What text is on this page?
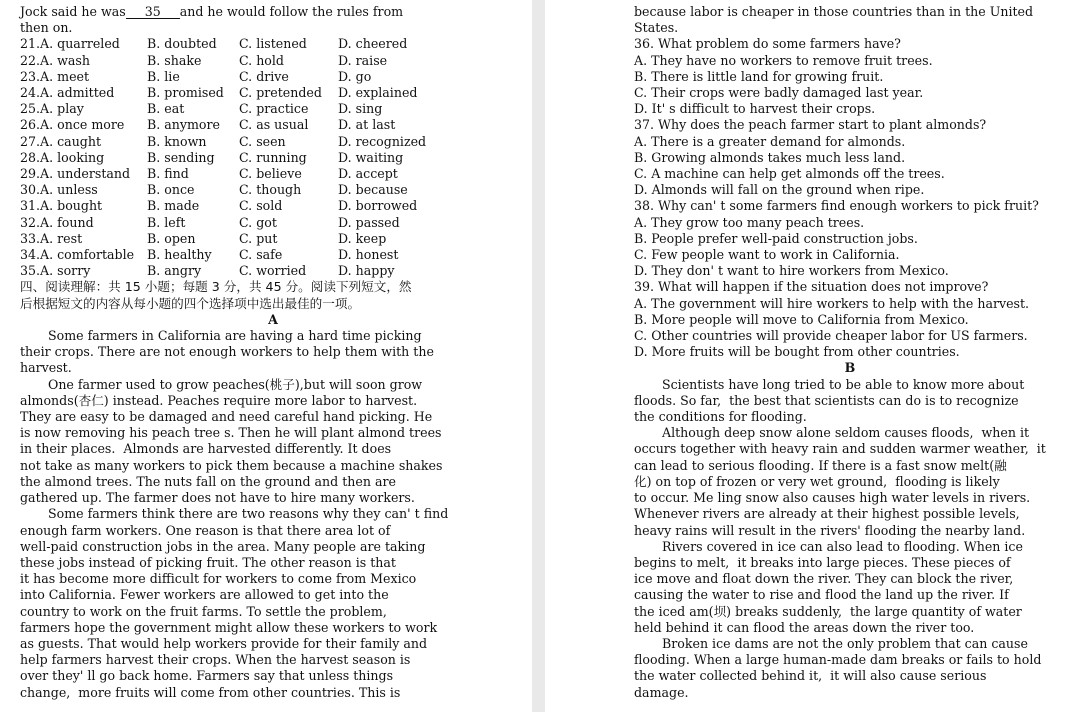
Jock said he was 35 and he would follow the rules from
then on.
21.A. quarreled	B. doubted	C. listened	D. cheered
22.A. wash	B. shake	C. hold	D. raise
23.A. meet	B. lie	C. drive	D. go
24.A. admitted	B. promised	C. pretended	D. explained
25.A. play	B. eat	C. practice	D. sing
26.A. once more	B. anymore	C. as usual	D. at last
27.A. caught	B. known	C. seen	D. recognized
28.A. looking	B. sending	C. running	D. waiting
29.A. understand	B. find	C. believe	D. accept
30.A. unless	B. once	C. though	D. because
31.A. bought	B. made	C. sold	D. borrowed
32.A. found	B. left	C. got	D. passed
33.A. rest	B. open	C. put	D. keep
34.A. comfortable	B. healthy	C. safe	D. honest
35.A. sorry	B. angry	C. worried	D. happy
四、阅读理解：共 15 小题；每题 3 分，共 45 分。阅读下列短文，然
后根据短文的内容从每小题的四个选择项中选出最佳的一项。
A
Some farmers in California are having a hard time picking
their crops. There are not enough workers to help them with the
harvest.
One farmer used to grow peaches(桃子),but will soon grow
almonds(杏仁) instead. Peaches require more labor to harvest.
They are easy to be damaged and need careful hand picking. He
is now removing his peach tree s. Then he will plant almond trees
in their places.  Almonds are harvested differently. It does
not take as many workers to pick them because a machine shakes
the almond trees. The nuts fall on the ground and then are
gathered up. The farmer does not have to hire many workers.
Some farmers think there are two reasons why they can' t find
enough farm workers. One reason is that there area lot of
well-paid construction jobs in the area. Many people are taking
these jobs instead of picking fruit. The other reason is that
it has become more difficult for workers to come from Mexico
into California. Fewer workers are allowed to get into the
country to work on the fruit farms. To settle the problem,
farmers hope the government might allow these workers to work
as guests. That would help workers provide for their family and
help farmers harvest their crops. When the harvest season is
over they' ll go back home. Farmers say that unless things
change,  more fruits will come from other countries. This is
because labor is cheaper in those countries than in the United
States.
36. What problem do some farmers have?
A. They have no workers to remove fruit trees.
B. There is little land for growing fruit.
C. Their crops were badly damaged last year.
D. It' s difficult to harvest their crops.
37. Why does the peach farmer start to plant almonds?
A. There is a greater demand for almonds.
B. Growing almonds takes much less land.
C. A machine can help get almonds off the trees.
D. Almonds will fall on the ground when ripe.
38. Why can' t some farmers find enough workers to pick fruit?
A. They grow too many peach trees.
B. People prefer well-paid construction jobs.
C. Few people want to work in California.
D. They don' t want to hire workers from Mexico.
39. What will happen if the situation does not improve?
A. The government will hire workers to help with the harvest.
B. More people will move to California from Mexico.
C. Other countries will provide cheaper labor for US farmers.
D. More fruits will be bought from other countries.
B
Scientists have long tried to be able to know more about
floods. So far,  the best that scientists can do is to recognize
the conditions for flooding.
Although deep snow alone seldom causes floods,  when it
occurs together with heavy rain and sudden warmer weather,  it
can lead to serious flooding. If there is a fast snow melt(融
化) on top of frozen or very wet ground,  flooding is likely
to occur. Me ling snow also causes high water levels in rivers.
Whenever rivers are already at their highest possible levels,
heavy rains will result in the rivers' flooding the nearby land.
Rivers covered in ice can also lead to flooding. When ice
begins to melt,  it breaks into large pieces. These pieces of
ice move and float down the river. They can block the river,
causing the water to rise and flood the land up the river. If
the iced am(坝) breaks suddenly,  the large quantity of water
held behind it can flood the areas down the river too.
Broken ice dams are not the only problem that can cause
flooding. When a large human-made dam breaks or fails to hold
the water collected behind it,  it will also cause serious
damage.
